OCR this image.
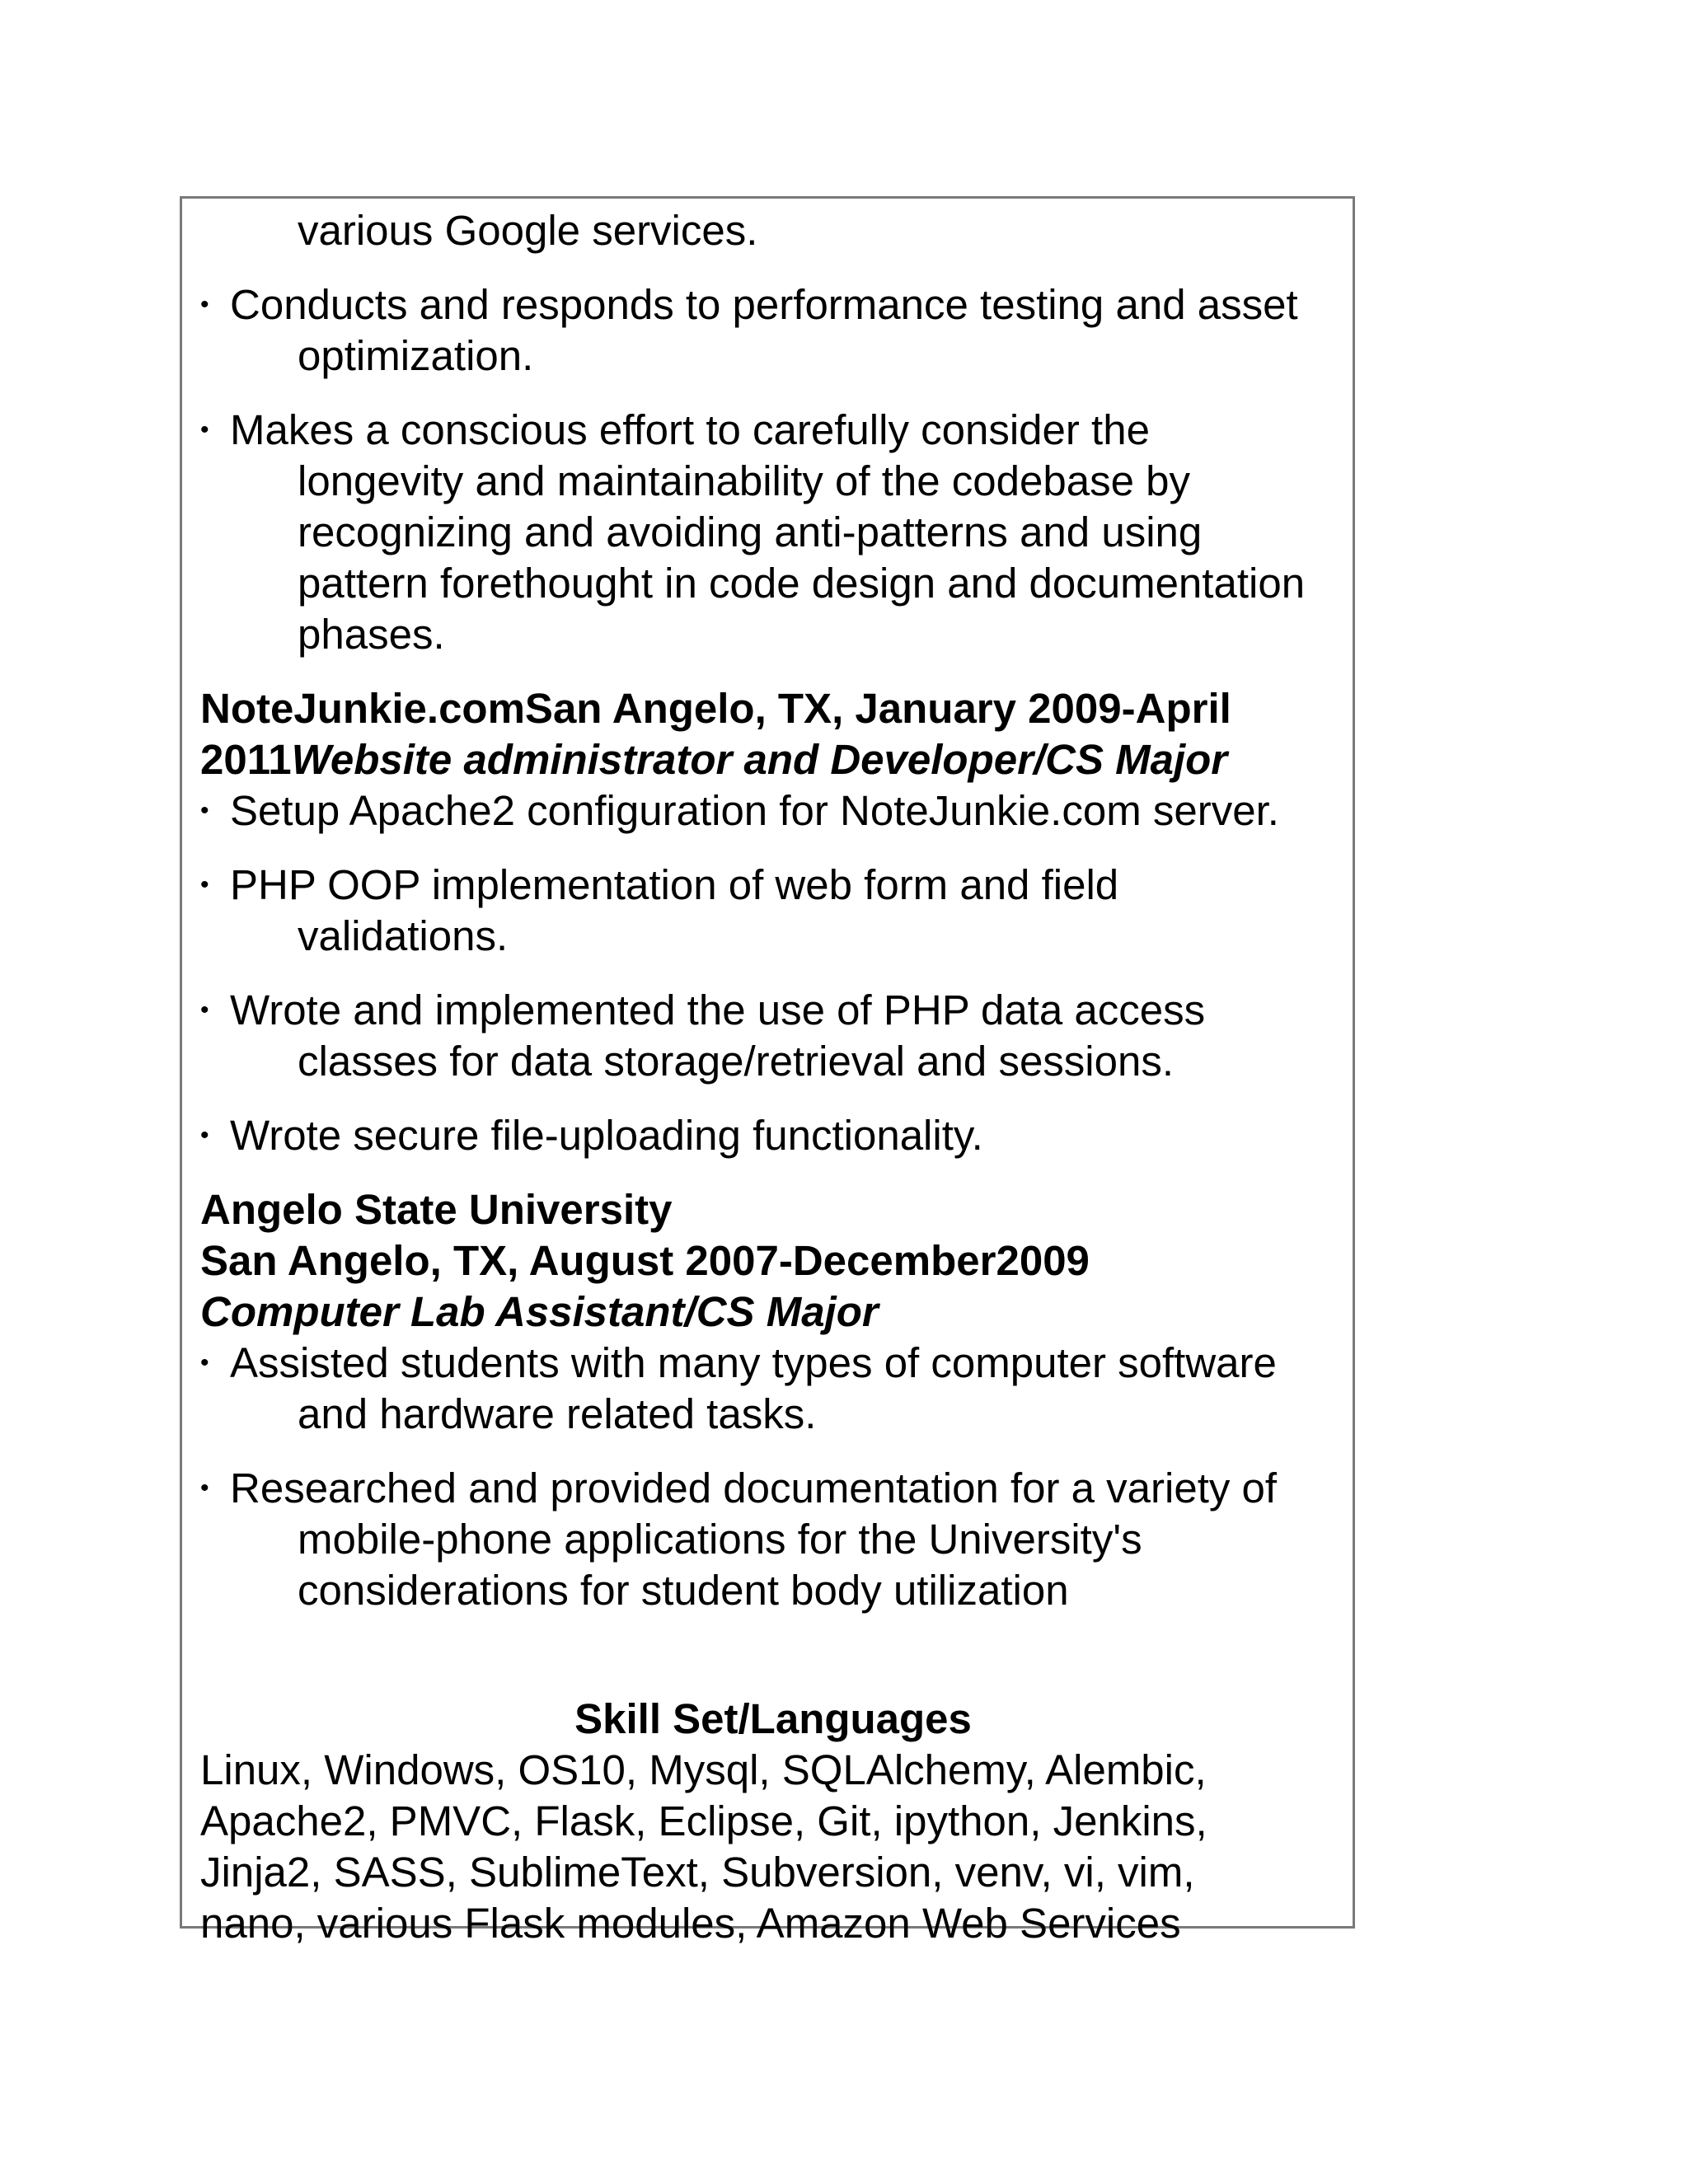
various Google services.
• Conducts and responds to performance testing and asset
optimization.
• Makes a conscious effort to carefully consider the
longevity and maintainability of the codebase by
recognizing and avoiding anti-patterns and using
pattern forethought in code design and documentation
phases.
NoteJunkie.comSan Angelo, TX, January 2009-April
2011Website administrator and Developer/CS Major
• Setup Apache2 configuration for NoteJunkie.com server.
• PHP OOP implementation of web form and field
validations.
• Wrote and implemented the use of PHP data access
classes for data storage/retrieval and sessions.
• Wrote secure file-uploading functionality.
Angelo State University
San Angelo, TX, August 2007-December2009
Computer Lab Assistant/CS Major
• Assisted students with many types of computer software
and hardware related tasks.
• Researched and provided documentation for a variety of
mobile-phone applications for the University's
considerations for student body utilization
Skill Set/Languages
Linux, Windows, OS10, Mysql, SQLAlchemy, Alembic,
Apache2, PMVC, Flask, Eclipse, Git, ipython, Jenkins,
Jinja2, SASS, SublimeText, Subversion, venv, vi, vim,
nano, various Flask modules, Amazon Web Services
